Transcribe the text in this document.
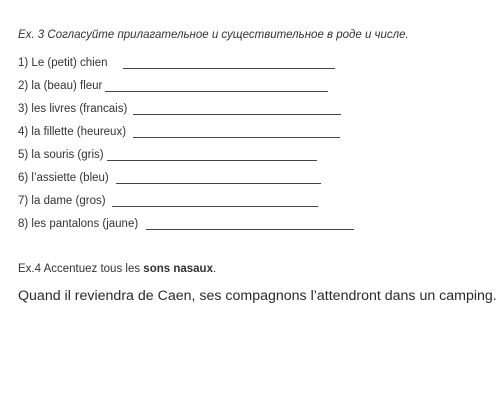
Ex. 3 Согласуйте прилагательное и существительное в роде и числе.
1) Le (petit) chien
2) la (beau) fleur
3) les livres (francais)
4) la fillette (heureux)
5) la souris (gris)
6) l’assiette (bleu)
7) la dame (gros)
8) les pantalons (jaune)
Ex.4 Accentuez tous les sons nasaux.
Quand il reviendra de Caen, ses compagnons l’attendront dans un camping.
